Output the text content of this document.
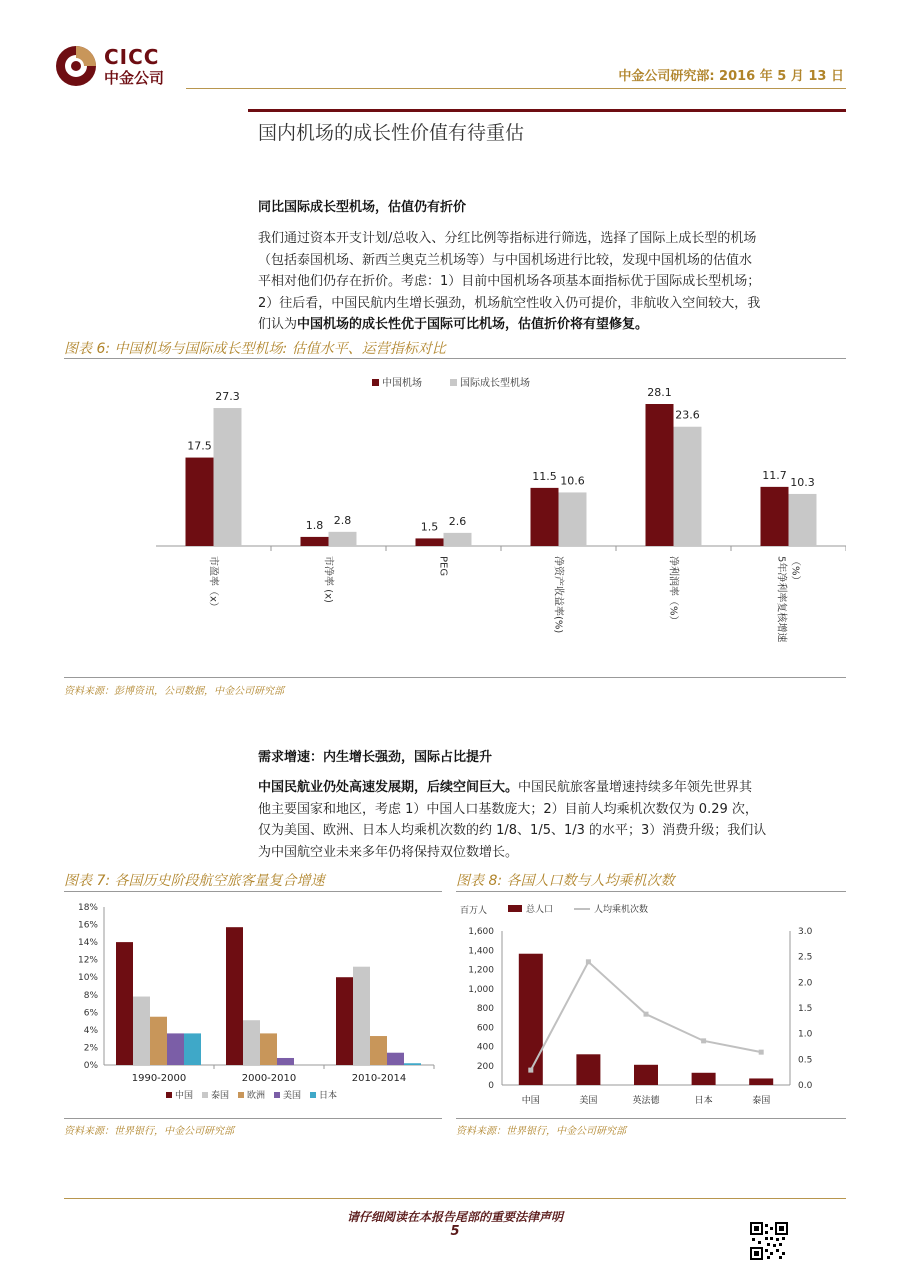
CICC
中金公司	中金公司研究部: 2016 年 5 月 13 日
国内机场的成长性价值有待重估
同比国际成长型机场，估值仍有折价
我们通过资本开支计划/总收入、分红比例等指标进行筛选，选择了国际上成长型的机场
（包括泰国机场、新西兰奥克兰机场等）与中国机场进行比较，发现中国机场的估值水
平相对他们仍存在折价。考虑：1）目前中国机场各项基本面指标优于国际成长型机场；
2）往后看，中国民航内生增长强劲，机场航空性收入仍可提价，非航收入空间较大，我
们认为中国机场的成长性优于国际可比机场，估值折价将有望修复。
图表 6: 中国机场与国际成长型机场: 估值水平、运营指标对比
中国机场	国际成长型机场
17.5
27.3
市盈率（x）
1.8 2.8
市净率 (x)
1.5 2.6
PEG
11.5 10.6
净资产收益率(%)
28.1
23.6
净利润率（%）
11.7
10.3
5年净利率复核增速 （%）
资料来源：彭博资讯，公司数据，中金公司研究部
需求增速：内生增长强劲，国际占比提升
中国民航业仍处高速发展期，后续空间巨大。中国民航旅客量增速持续多年领先世界其
他主要国家和地区，考虑 1）中国人口基数庞大；2）目前人均乘机次数仅为 0.29 次，
仅为美国、欧洲、日本人均乘机次数的约 1/8、1/5、1/3 的水平；3）消费升级；我们认
为中国航空业未来多年仍将保持双位数增长。
图表 7: 各国历史阶段航空旅客量复合增速
0%
2%
4%
6%
8%
10%
12%
14%
16%
18%
1990-2000	2000-2010	2010-2014
中国 泰国 欧洲 美国 日本
资料来源：世界银行，中金公司研究部
图表 8: 各国人口数与人均乘机次数
百万人	总人口	人均乘机次数
0
200
400
600
800
1,000
1,200
1,400
1,600
0.0
0.5
1.0
1.5
2.0
2.5
3.0
中国	美国	英法德	日本	泰国
资料来源：世界银行，中金公司研究部
请仔细阅读在本报告尾部的重要法律声明
5
